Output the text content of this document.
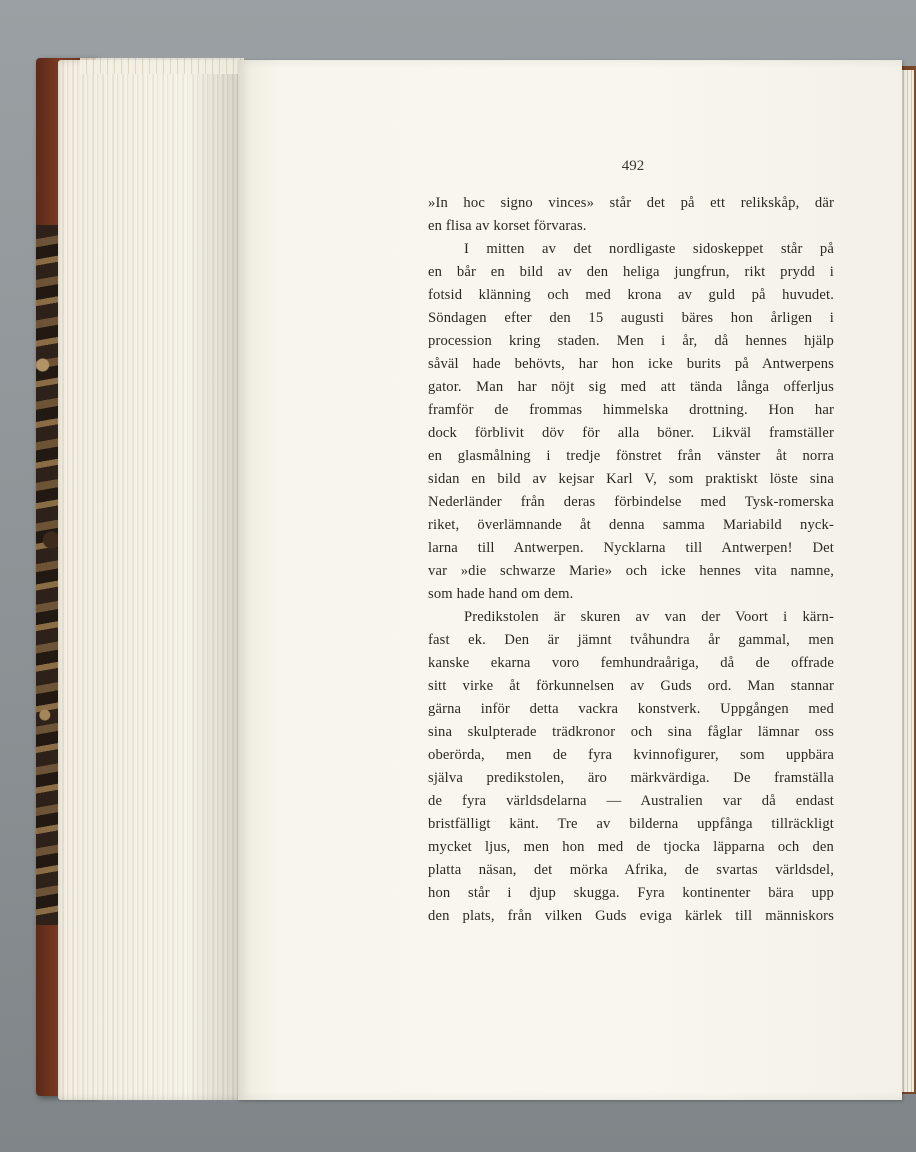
492
»In hoc signo vinces» står det på ett relikskåp, där
en flisa av korset förvaras.
I mitten av det nordligaste sidoskeppet står på
en bår en bild av den heliga jungfrun, rikt prydd i
fotsid klänning och med krona av guld på huvudet.
Söndagen efter den 15 augusti bäres hon årligen i
procession kring staden. Men i år, då hennes hjälp
såväl hade behövts, har hon icke burits på Antwerpens
gator. Man har nöjt sig med att tända långa offerljus
framför de frommas himmelska drottning. Hon har
dock förblivit döv för alla böner. Likväl framställer
en glasmålning i tredje fönstret från vänster åt norra
sidan en bild av kejsar Karl V, som praktiskt löste sina
Nederländer från deras förbindelse med Tysk-romerska
riket, överlämnande åt denna samma Mariabild nyck-
larna till Antwerpen. Nycklarna till Antwerpen! Det
var »die schwarze Marie» och icke hennes vita namne,
som hade hand om dem.
Predikstolen är skuren av van der Voort i kärn-
fast ek. Den är jämnt tvåhundra år gammal, men
kanske ekarna voro femhundraåriga, då de offrade
sitt virke åt förkunnelsen av Guds ord. Man stannar
gärna inför detta vackra konstverk. Uppgången med
sina skulpterade trädkronor och sina fåglar lämnar oss
oberörda, men de fyra kvinnofigurer, som uppbära
själva predikstolen, äro märkvärdiga. De framställa
de fyra världsdelarna — Australien var då endast
bristfälligt känt. Tre av bilderna uppfånga tillräckligt
mycket ljus, men hon med de tjocka läpparna och den
platta näsan, det mörka Afrika, de svartas världsdel,
hon står i djup skugga. Fyra kontinenter bära upp
den plats, från vilken Guds eviga kärlek till människors
